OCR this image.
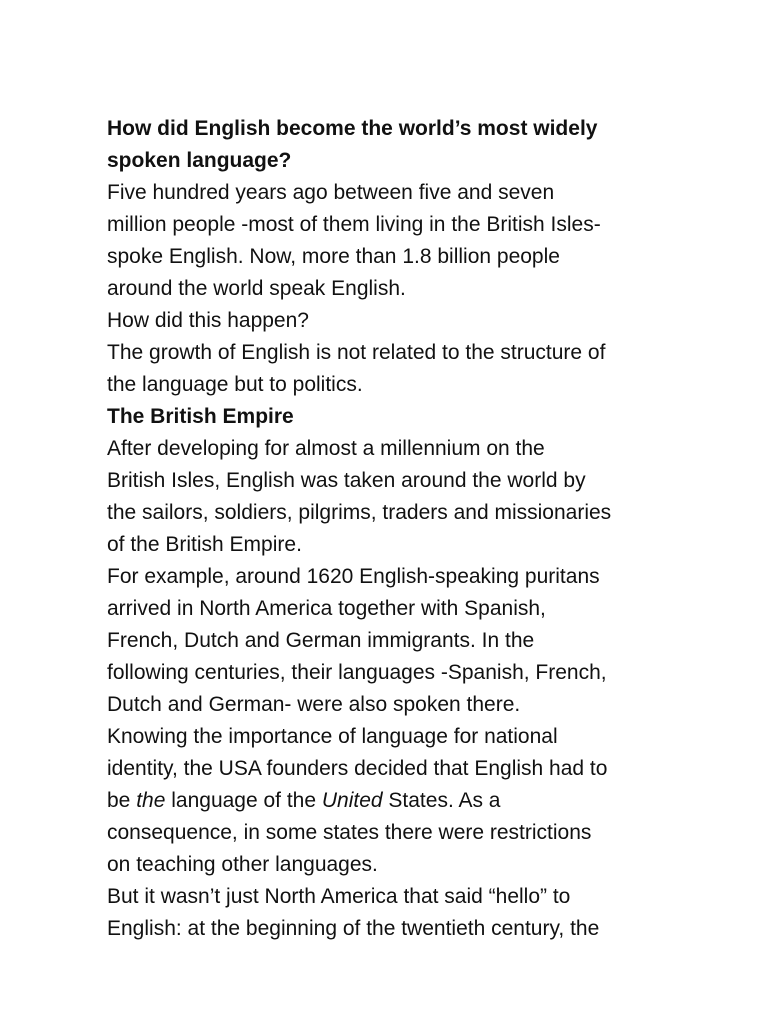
How did English become the world’s most widely
spoken language?
Five hundred years ago between five and seven
million people -most of them living in the British Isles-
spoke English. Now, more than 1.8 billion people
around the world speak English.
How did this happen?
The growth of English is not related to the structure of
the language but to politics.
The British Empire
After developing for almost a millennium on the
British Isles, English was taken around the world by
the sailors, soldiers, pilgrims, traders and missionaries
of the British Empire.
For example, around 1620 English-speaking puritans
arrived in North America together with Spanish,
French, Dutch and German immigrants. In the
following centuries, their languages -Spanish, French,
Dutch and German- were also spoken there.
Knowing the importance of language for national
identity, the USA founders decided that English had to
be the language of the United States. As a
consequence, in some states there were restrictions
on teaching other languages.
But it wasn’t just North America that said “hello” to
English: at the beginning of the twentieth century, the
